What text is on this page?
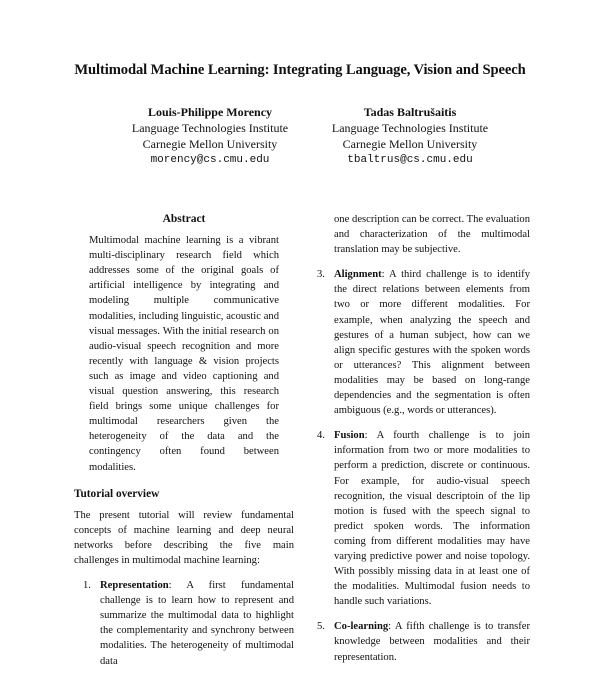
Multimodal Machine Learning: Integrating Language, Vision and Speech
Louis-Philippe Morency
Language Technologies Institute
Carnegie Mellon University
morency@cs.cmu.edu
Tadas Baltrušaitis
Language Technologies Institute
Carnegie Mellon University
tbaltrus@cs.cmu.edu
Abstract

Multimodal machine learning is a vibrant multi-disciplinary research field which addresses some of the original goals of artificial intelligence by integrating and modeling multiple communicative modalities, including linguistic, acoustic and visual messages. With the initial research on audio-visual speech recognition and more recently with language & vision projects such as image and video captioning and visual question answering, this research field brings some unique challenges for multimodal researchers given the heterogeneity of the data and the contingency often found between modalities.

Tutorial overview

The present tutorial will review fundamental concepts of machine learning and deep neural networks before describing the five main challenges in multimodal machine learning:

1. Representation: A first fundamental challenge is to learn how to represent and summarize the multimodal data to highlight the complementarity and synchrony between modalities. The heterogeneity of multimodal data

one description can be correct. The evaluation and characterization of the multimodal translation may be subjective.

3. Alignment: A third challenge is to identify the direct relations between elements from two or more different modalities. For example, when analyzing the speech and gestures of a human subject, how can we align specific gestures with the spoken words or utterances? This alignment between modalities may be based on long-range dependencies and the segmentation is often ambiguous (e.g., words or utterances).
4. Fusion: A fourth challenge is to join information from two or more modalities to perform a prediction, discrete or continuous. For example, for audio-visual speech recognition, the visual descriptoin of the lip motion is fused with the speech signal to predict spoken words. The information coming from different modalities may have varying predictive power and noise topology. With possibly missing data in at least one of the modalities. Multimodal fusion needs to handle such variations.
5. Co-learning: A fifth challenge is to transfer knowledge between modalities and their representation.
